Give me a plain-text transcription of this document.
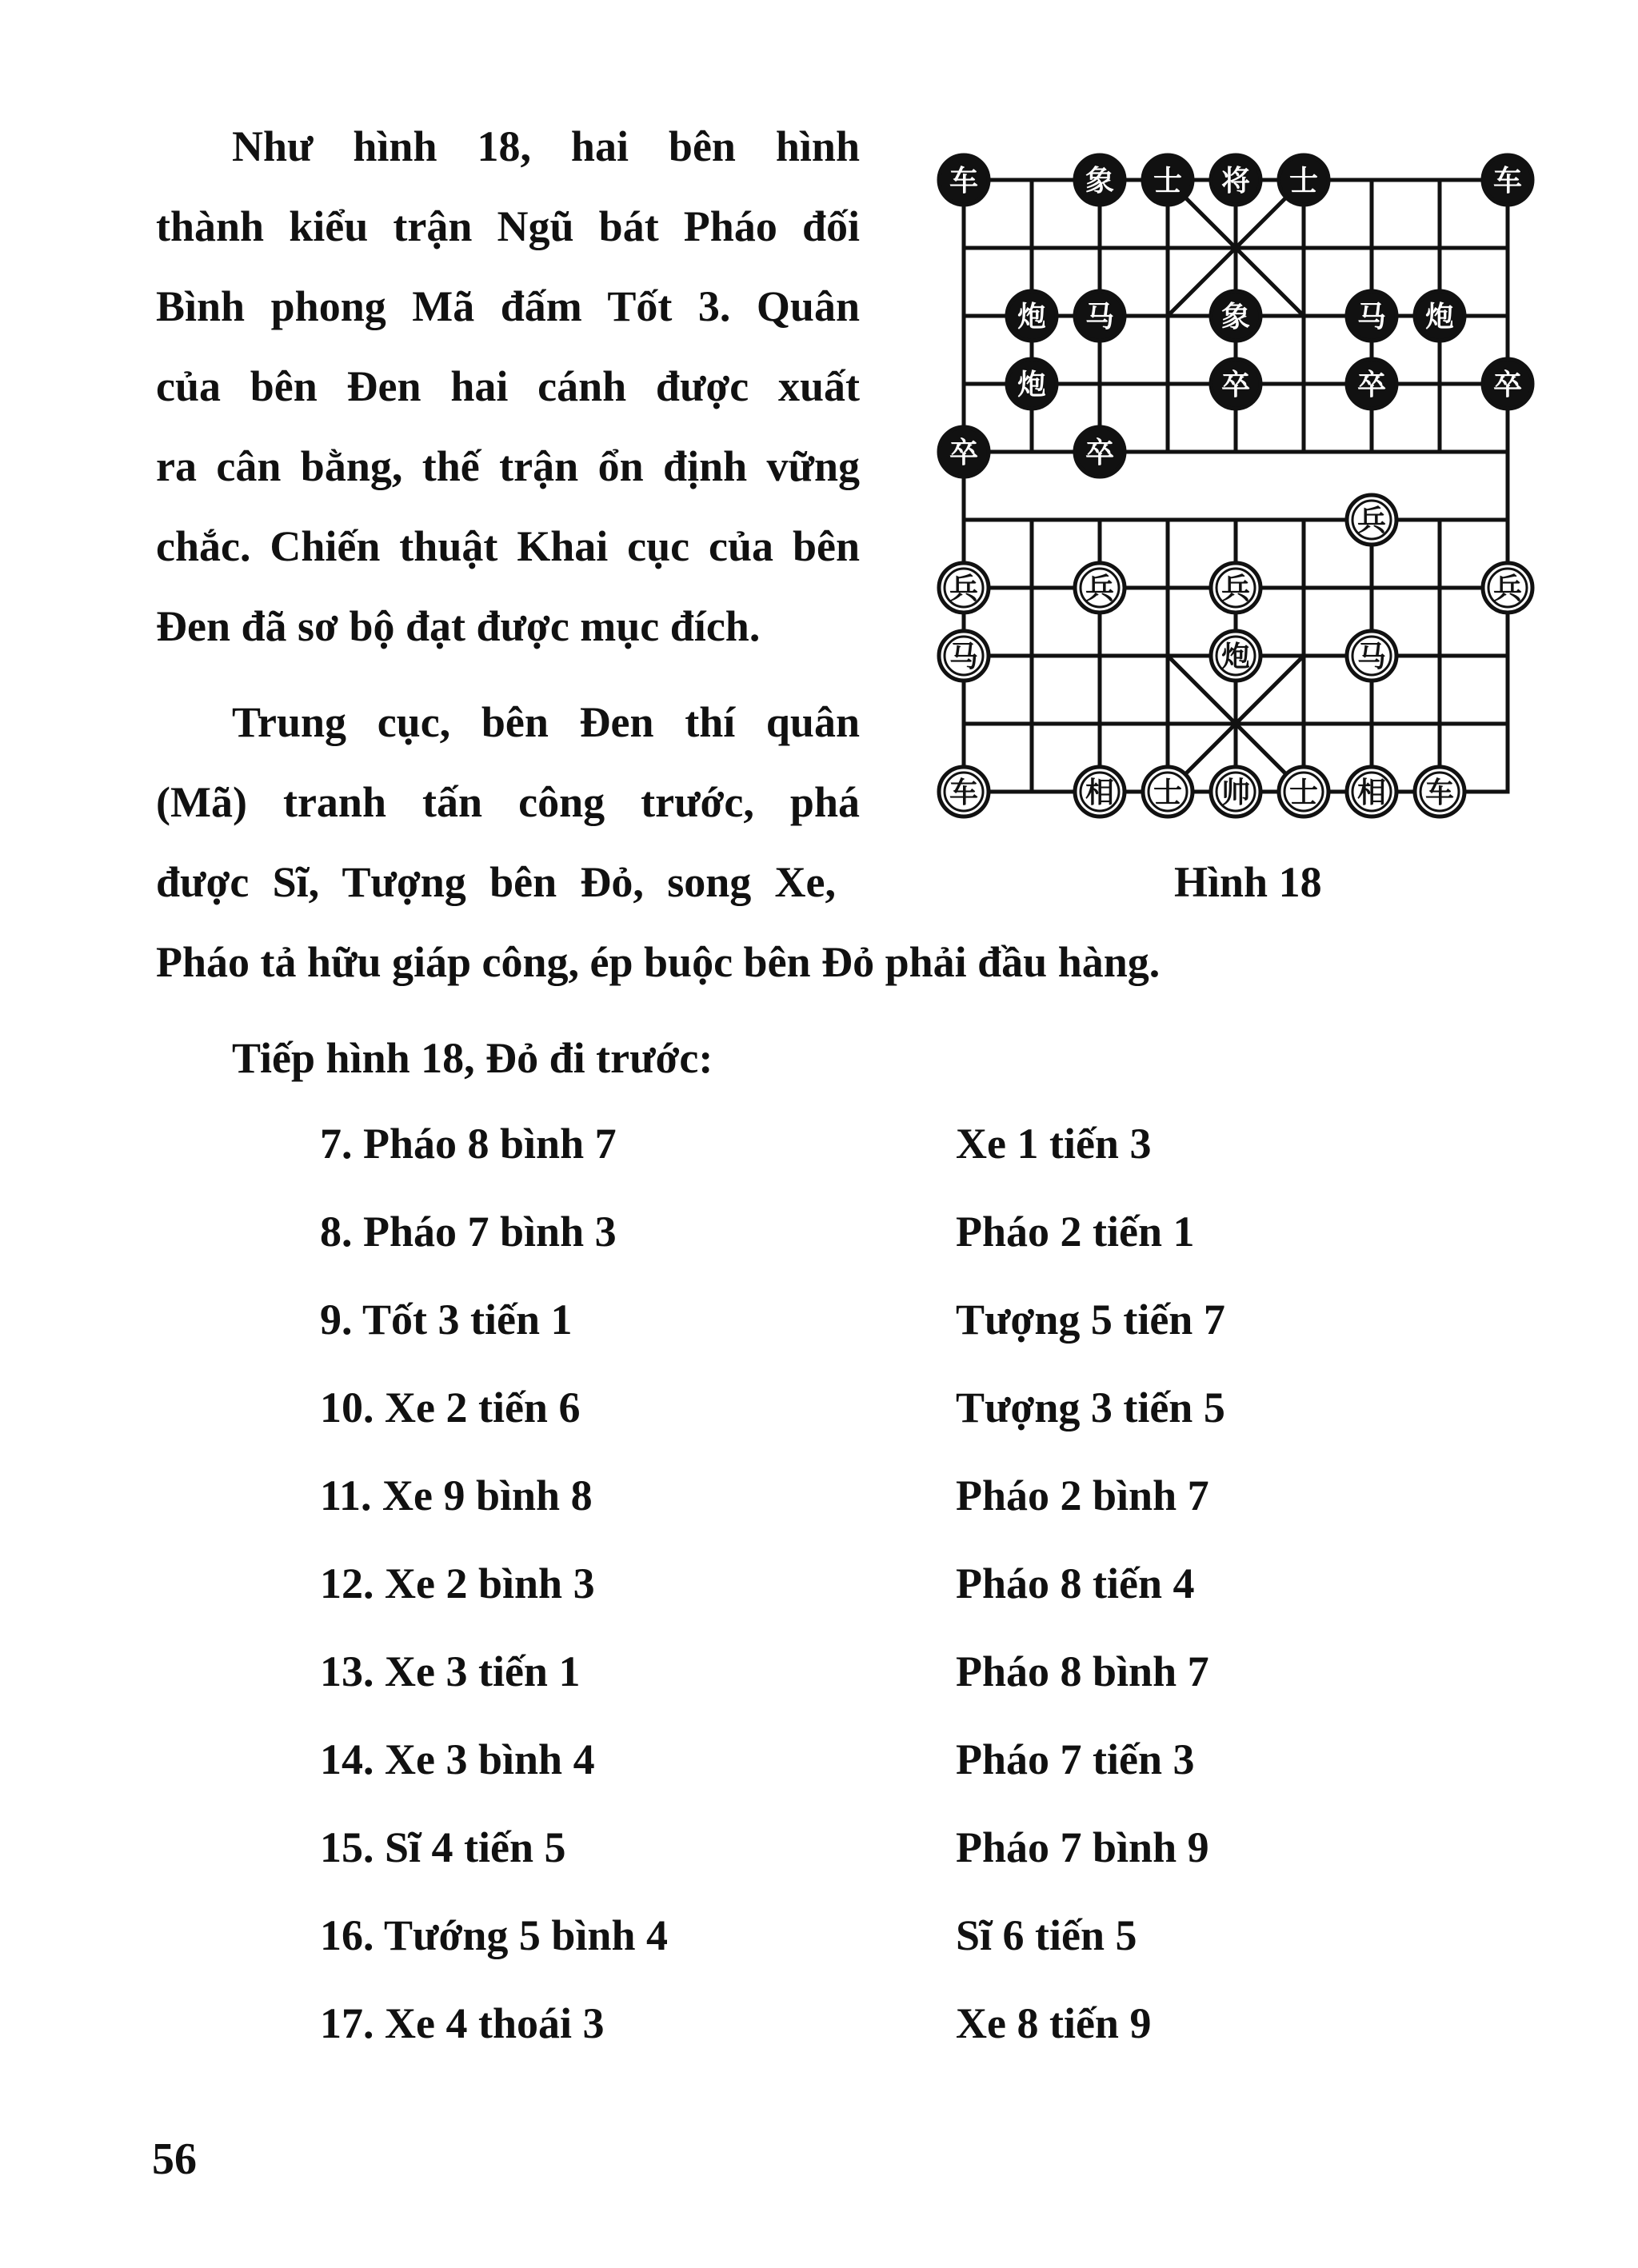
Như hình 18, hai bên hình
thành kiểu trận Ngũ bát Pháo đối
Bình phong Mã đấm Tốt 3. Quân
của bên Đen hai cánh được xuất
ra cân bằng, thế trận ổn định vững
chắc. Chiến thuật Khai cục của bên
Đen đã sơ bộ đạt được mục đích.
Trung cục, bên Đen thí quân
(Mã) tranh tấn công trước, phá
được Sĩ, Tượng bên Đỏ, song Xe,
Pháo tả hữu giáp công, ép buộc bên Đỏ phải đầu hàng.
车	象 士 将 士	车
炮 马	象	马 炮
炮	卒	卒	卒
卒	卒
兵
兵	兵	兵	兵
马	炮	马
车	相 士 帅 士 相 车
Hình 18
Tiếp hình 18, Đỏ đi trước:
7. Pháo 8 bình 7	Xe 1 tiến 3
8. Pháo 7 bình 3	Pháo 2 tiến 1
9. Tốt 3 tiến 1	Tượng 5 tiến 7
10. Xe 2 tiến 6	Tượng 3 tiến 5
11. Xe 9 bình 8	Pháo 2 bình 7
12. Xe 2 bình 3	Pháo 8 tiến 4
13. Xe 3 tiến 1	Pháo 8 bình 7
14. Xe 3 bình 4	Pháo 7 tiến 3
15. Sĩ 4 tiến 5	Pháo 7 bình 9
16. Tướng 5 bình 4	Sĩ 6 tiến 5
17. Xe 4 thoái 3	Xe 8 tiến 9
56
